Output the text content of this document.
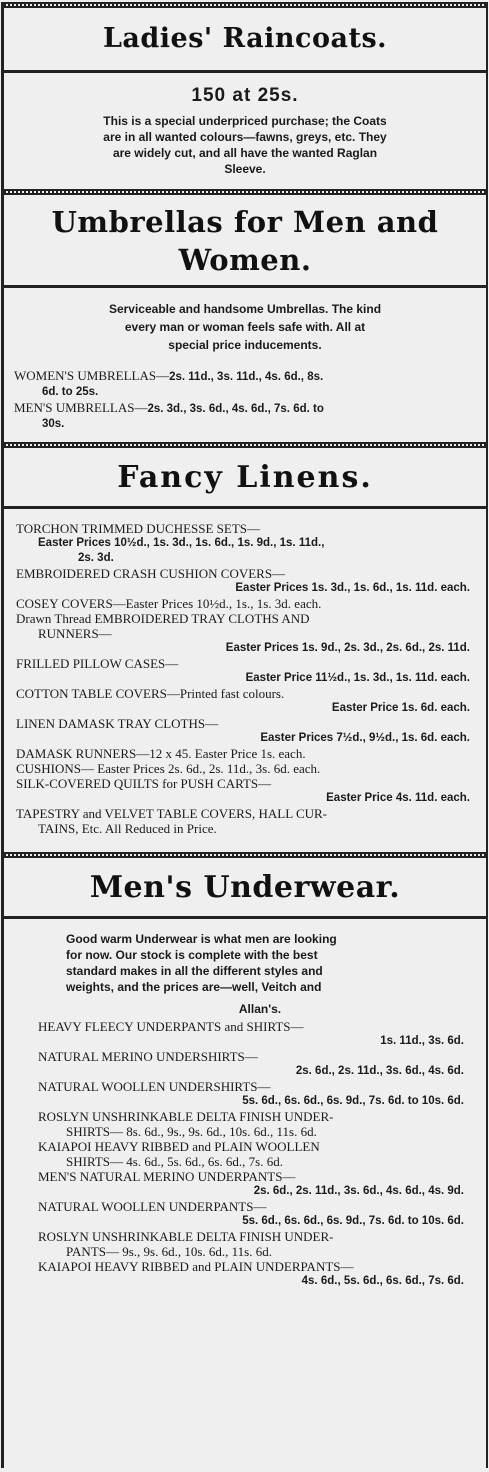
Ladies' Raincoats.
150 at 25s.
This is a special underpriced purchase; the Coats
are in all wanted colours—fawns, greys, etc. They
are widely cut, and all have the wanted Raglan
Sleeve.
Umbrellas for Men and
Women.
Serviceable and handsome Umbrellas. The kind
every man or woman feels safe with. All at
special price inducements.
WOMEN'S UMBRELLAS—2s. 11d., 3s. 11d., 4s. 6d., 8s.
6d. to 25s.
MEN'S UMBRELLAS—2s. 3d., 3s. 6d., 4s. 6d., 7s. 6d. to
30s.
Fancy Linens.
TORCHON TRIMMED DUCHESSE SETS—
Easter Prices 10½d., 1s. 3d., 1s. 6d., 1s. 9d., 1s. 11d.,
2s. 3d.
EMBROIDERED CRASH CUSHION COVERS—
Easter Prices 1s. 3d., 1s. 6d., 1s. 11d. each.
COSEY COVERS—Easter Prices 10½d., 1s., 1s. 3d. each.
Drawn Thread EMBROIDERED TRAY CLOTHS AND
RUNNERS—
Easter Prices 1s. 9d., 2s. 3d., 2s. 6d., 2s. 11d.
FRILLED PILLOW CASES—
Easter Price 11½d., 1s. 3d., 1s. 11d. each.
COTTON TABLE COVERS—Printed fast colours.
Easter Price 1s. 6d. each.
LINEN DAMASK TRAY CLOTHS—
Easter Prices 7½d., 9½d., 1s. 6d. each.
DAMASK RUNNERS—12 x 45. Easter Price 1s. each.
CUSHIONS— Easter Prices 2s. 6d., 2s. 11d., 3s. 6d. each.
SILK-COVERED QUILTS for PUSH CARTS—
Easter Price 4s. 11d. each.
TAPESTRY and VELVET TABLE COVERS, HALL CUR-
TAINS, Etc. All Reduced in Price.
Men's Underwear.
Good warm Underwear is what men are looking
for now. Our stock is complete with the best
standard makes in all the different styles and
weights, and the prices are—well, Veitch and
Allan's.
HEAVY FLEECY UNDERPANTS and SHIRTS—
1s. 11d., 3s. 6d.
NATURAL MERINO UNDERSHIRTS—
2s. 6d., 2s. 11d., 3s. 6d., 4s. 6d.
NATURAL WOOLLEN UNDERSHIRTS—
5s. 6d., 6s. 6d., 6s. 9d., 7s. 6d. to 10s. 6d.
ROSLYN UNSHRINKABLE DELTA FINISH UNDER-
SHIRTS— 8s. 6d., 9s., 9s. 6d., 10s. 6d., 11s. 6d.
KAIAPOI HEAVY RIBBED and PLAIN WOOLLEN
SHIRTS— 4s. 6d., 5s. 6d., 6s. 6d., 7s. 6d.
MEN'S NATURAL MERINO UNDERPANTS—
2s. 6d., 2s. 11d., 3s. 6d., 4s. 6d., 4s. 9d.
NATURAL WOOLLEN UNDERPANTS—
5s. 6d., 6s. 6d., 6s. 9d., 7s. 6d. to 10s. 6d.
ROSLYN UNSHRINKABLE DELTA FINISH UNDER-
PANTS— 9s., 9s. 6d., 10s. 6d., 11s. 6d.
KAIAPOI HEAVY RIBBED and PLAIN UNDERPANTS—
4s. 6d., 5s. 6d., 6s. 6d., 7s. 6d.
